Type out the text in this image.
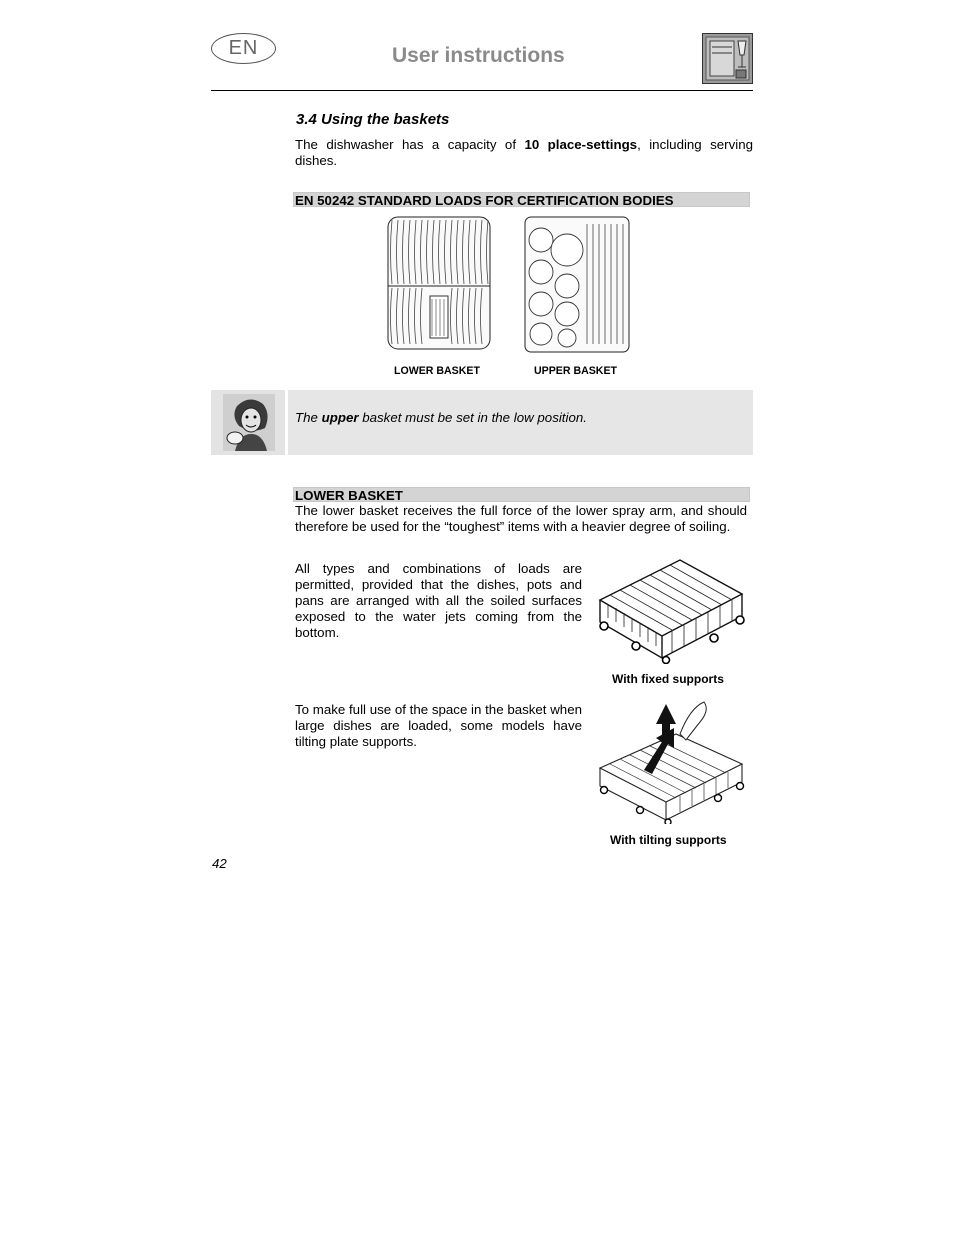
EN	User instructions
3.4 Using the baskets

The dishwasher has a capacity of 10 place-settings, including serving dishes.

EN 50242 STANDARD LOADS FOR CERTIFICATION BODIES
LOWER BASKET	UPPER BASKET
The upper basket must be set in the low position.
LOWER BASKET

The lower basket receives the full force of the lower spray arm, and should therefore be used for the “toughest” items with a heavier degree of soiling.

All types and combinations of loads are permitted, provided that the dishes, pots and pans are arranged with all the soiled surfaces exposed to the water jets coming from the bottom.

With fixed supports

To make full use of the space in the basket when large dishes are loaded, some models have tilting plate supports.

With tilting supports
42
